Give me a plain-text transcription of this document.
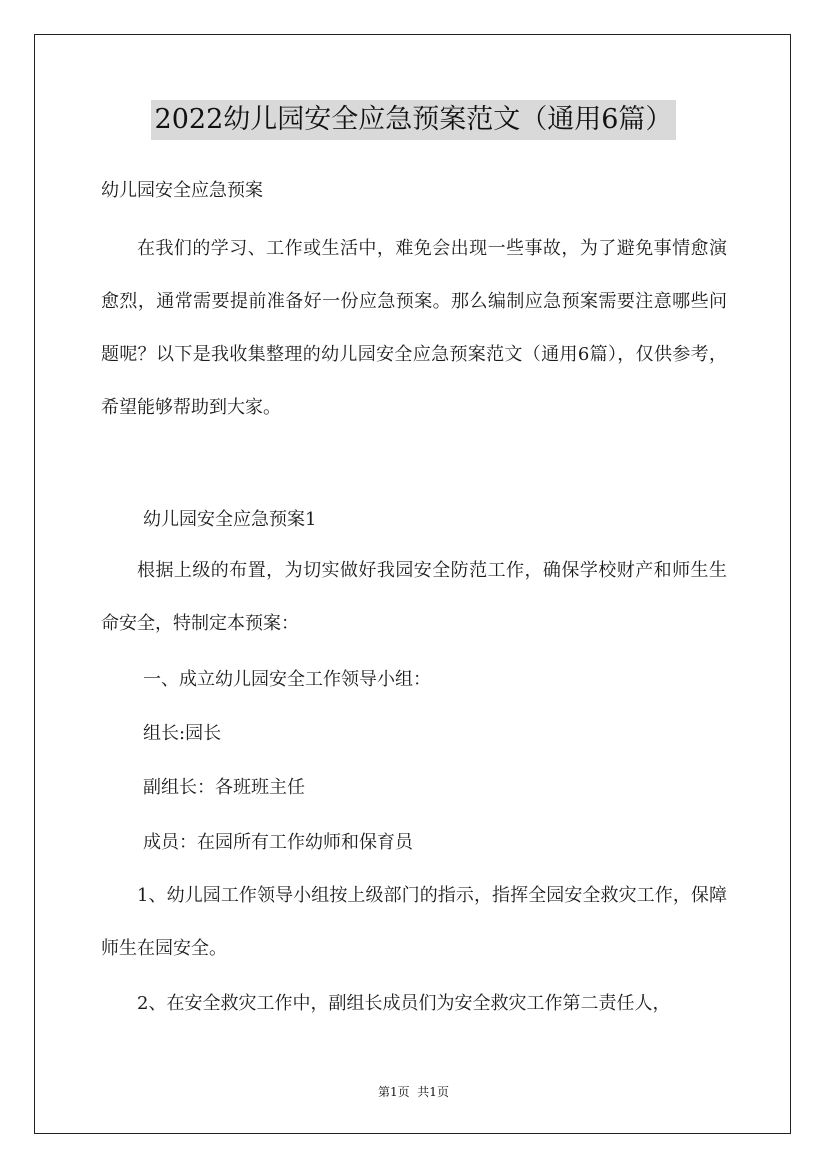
2022幼儿园安全应急预案范文（通用6篇）
幼儿园安全应急预案

在我们的学习、工作或生活中，难免会出现一些事故，为了避免事情愈演愈烈，通常需要提前准备好一份应急预案。那么编制应急预案需要注意哪些问题呢？以下是我收集整理的幼儿园安全应急预案范文（通用6篇），仅供参考，希望能够帮助到大家。

幼儿园安全应急预案1

根据上级的布置，为切实做好我园安全防范工作，确保学校财产和师生生命安全，特制定本预案：

一、成立幼儿园安全工作领导小组：
组长:园长
副组长：各班班主任
成员：在园所有工作幼师和保育员

1、幼儿园工作领导小组按上级部门的指示，指挥全园安全救灾工作，保障师生在园安全。

2、在安全救灾工作中，副组长成员们为安全救灾工作第二责任人，

第1页  共1页
